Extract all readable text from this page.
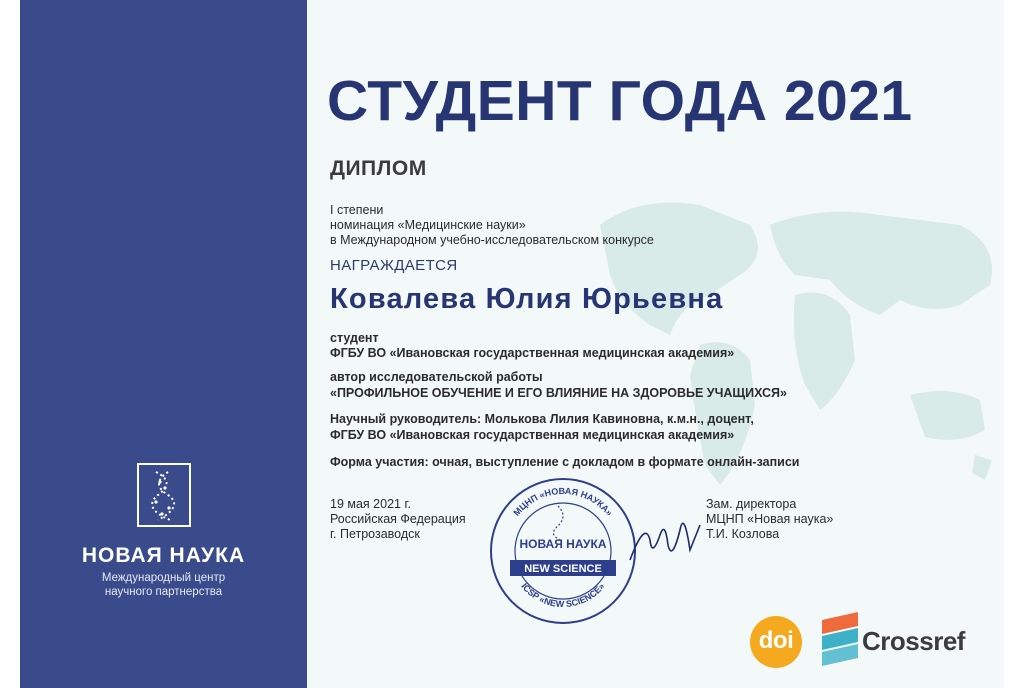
НОВАЯ НАУКА
Международный центр
научного партнерства
СТУДЕНТ ГОДА 2021
ДИПЛОМ
I степени
номинация «Медицинские науки»
в Международном учебно-исследовательском конкурсе
НАГРАЖДАЕТСЯ
Ковалева Юлия Юрьевна
студент
ФГБУ ВО «Ивановская государственная медицинская академия»
автор исследовательской работы
«ПРОФИЛЬНОЕ ОБУЧЕНИЕ И ЕГО ВЛИЯНИЕ НА ЗДОРОВЬЕ УЧАЩИХСЯ»
Научный руководитель: Молькова Лилия Кавиновна, к.м.н., доцент,
ФГБУ ВО «Ивановская государственная медицинская академия»
Форма участия: очная, выступление с докладом в формате онлайн-записи
19 мая 2021 г.
Российская Федерация
г. Петрозаводск
Зам. директора
МЦНП «Новая наука»
Т.И. Козлова
МЦНП «НОВАЯ НАУКА»
ICSP «NEW SCIENCE»
НОВАЯ НАУКА
NEW SCIENCE
doi	Crossref
